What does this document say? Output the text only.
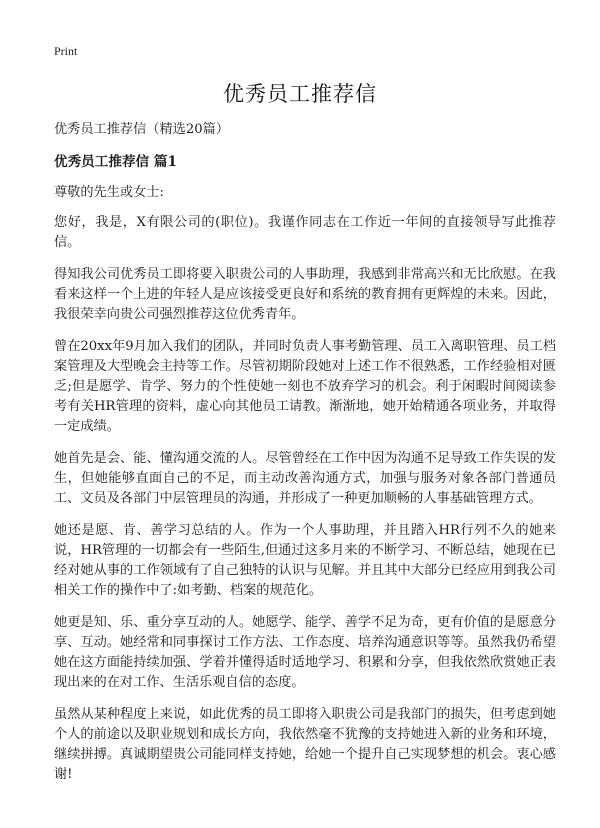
Print
优秀员工推荐信

优秀员工推荐信（精选20篇）

优秀员工推荐信 篇1

尊敬的先生或女士:

您好，我是，X有限公司的(职位)。我谨作同志在工作近一年间的直接领导写此推荐信。

得知我公司优秀员工即将要入职贵公司的人事助理，我感到非常高兴和无比欣慰。在我看来这样一个上进的年轻人是应该接受更良好和系统的教育拥有更辉煌的未来。因此，我很荣幸向贵公司强烈推荐这位优秀青年。

曾在20xx年9月加入我们的团队，并同时负责人事考勤管理、员工入离职管理、员工档案管理及大型晚会主持等工作。尽管初期阶段她对上述工作不很熟悉，工作经验相对匮乏;但是愿学、肯学、努力的个性使她一刻也不放弃学习的机会。利于闲暇时间阅读参考有关HR管理的资料，虚心向其他员工请教。渐渐地，她开始精通各项业务，并取得一定成绩。

她首先是会、能、懂沟通交流的人。尽管曾经在工作中因为沟通不足导致工作失误的发生，但她能够直面自己的不足，而主动改善沟通方式，加强与服务对象各部门普通员工、文员及各部门中层管理员的沟通，并形成了一种更加顺畅的人事基础管理方式。

她还是愿、肯、善学习总结的人。作为一个人事助理，并且踏入HR行列不久的她来说，HR管理的一切都会有一些陌生,但通过这多月来的不断学习、不断总结，她现在已经对她从事的工作领域有了自己独特的认识与见解。并且其中大部分已经应用到我公司相关工作的操作中了:如考勤、档案的规范化。

她更是知、乐、重分享互动的人。她愿学、能学、善学不足为奇，更有价值的是愿意分享、互动。她经常和同事探讨工作方法、工作态度、培养沟通意识等等。虽然我仍希望她在这方面能持续加强、学着并懂得适时适地学习、积累和分享，但我依然欣赏她正表现出来的在对工作、生活乐观自信的态度。

虽然从某种程度上来说，如此优秀的员工即将入职贵公司是我部门的损失，但考虑到她个人的前途以及职业规划和成长方向，我依然毫不犹豫的支持她进入新的业务和环境，继续拼搏。真诚期望贵公司能同样支持她，给她一个提升自己实现梦想的机会。衷心感谢!
